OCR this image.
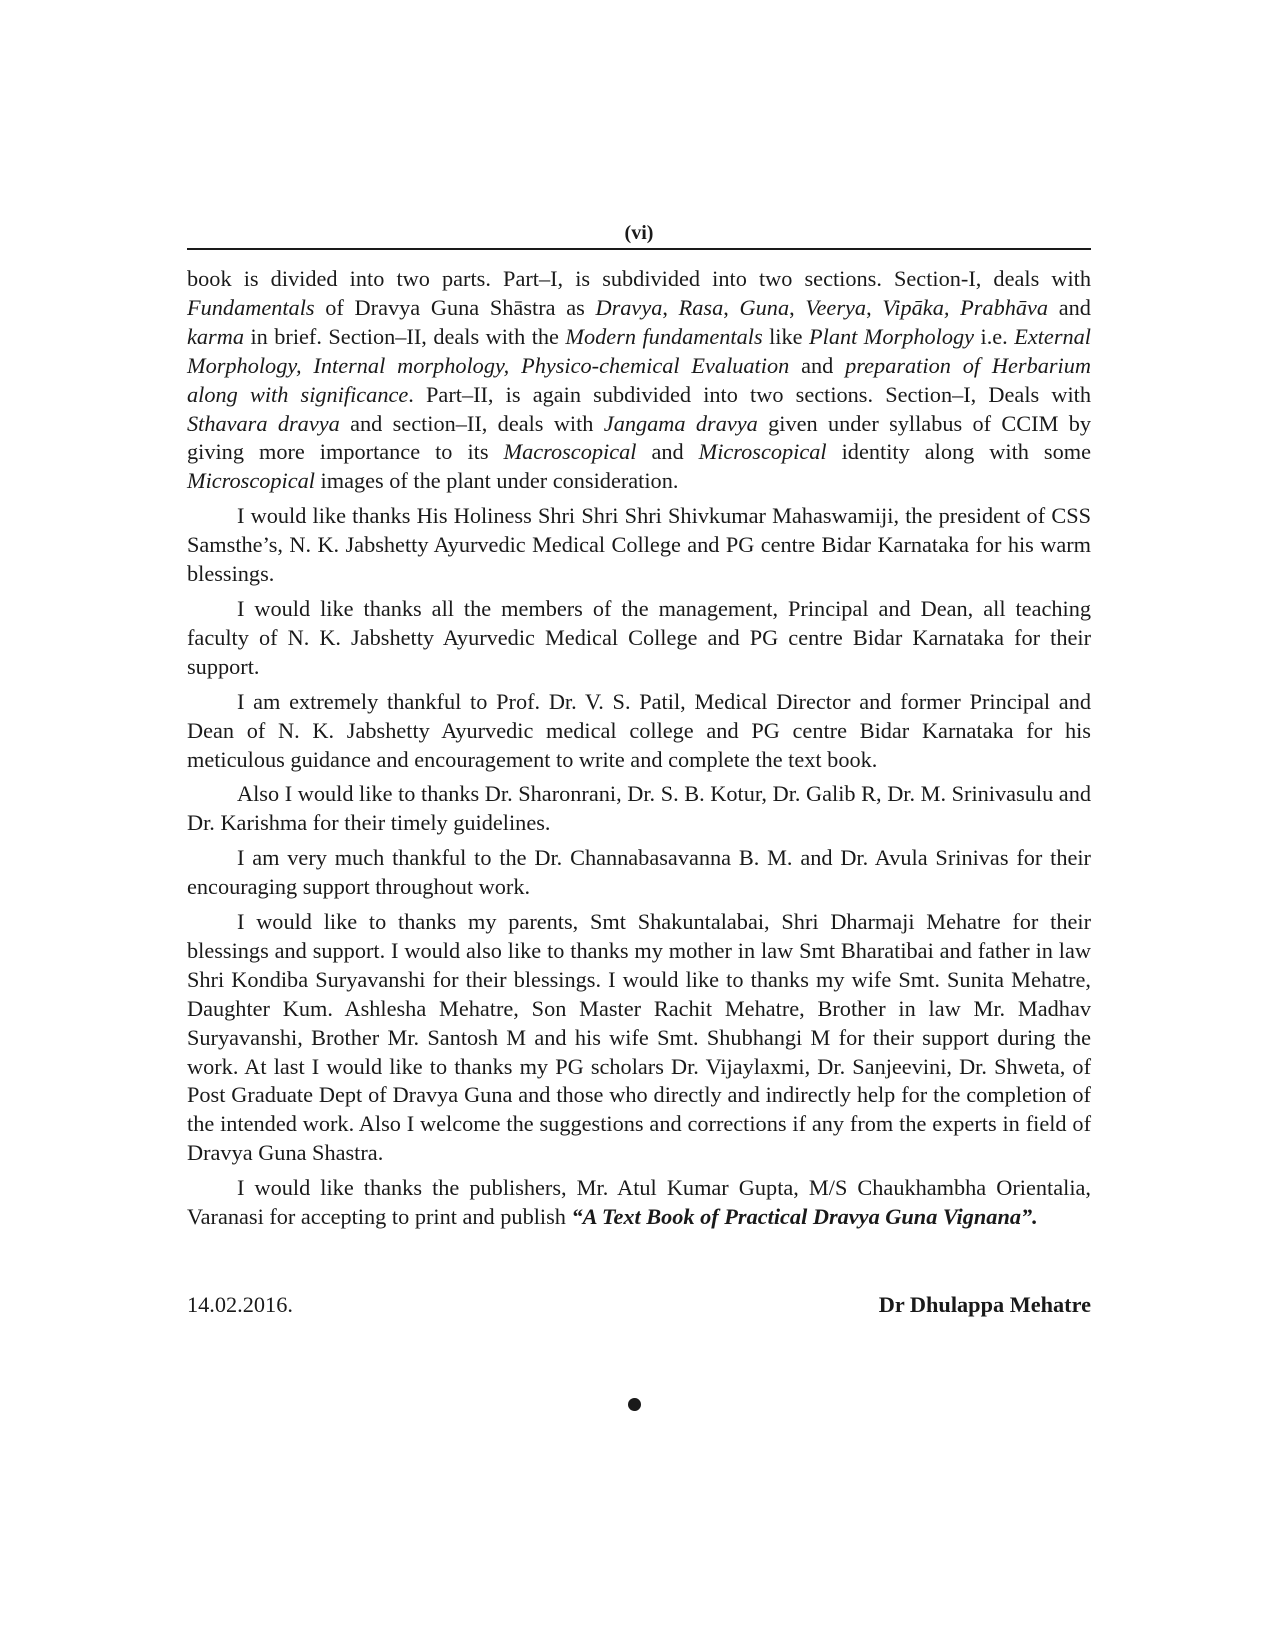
(vi)

book is divided into two parts. Part–I, is subdivided into two sections. Section-I, deals with Fundamentals of Dravya Guna Shāstra as Dravya, Rasa, Guna, Veerya, Vipāka, Prabhāva and karma in brief. Section–II, deals with the Modern fundamentals like Plant Morphology i.e. External Morphology, Internal morphology, Physico-chemical Evaluation and preparation of Herbarium along with significance. Part–II, is again subdivided into two sections. Section–I, Deals with Sthavara dravya and section–II, deals with Jangama dravya given under syllabus of CCIM by giving more importance to its Macroscopical and Microscopical identity along with some Microscopical images of the plant under consideration.

I would like thanks His Holiness Shri Shri Shri Shivkumar Mahaswamiji, the president of CSS Samsthe’s, N. K. Jabshetty Ayurvedic Medical College and PG centre Bidar Karnataka for his warm blessings.

I would like thanks all the members of the management, Principal and Dean, all teaching faculty of N. K. Jabshetty Ayurvedic Medical College and PG centre Bidar Karnataka for their support.

I am extremely thankful to Prof. Dr. V. S. Patil, Medical Director and former Principal and Dean of N. K. Jabshetty Ayurvedic medical college and PG centre Bidar Karnataka for his meticulous guidance and encouragement to write and complete the text book.

Also I would like to thanks Dr. Sharonrani, Dr. S. B. Kotur, Dr. Galib R, Dr. M. Srinivasulu and Dr. Karishma for their timely guidelines.

I am very much thankful to the Dr. Channabasavanna B. M. and Dr. Avula Srinivas for their encouraging support throughout work.

I would like to thanks my parents, Smt Shakuntalabai, Shri Dharmaji Mehatre for their blessings and support. I would also like to thanks my mother in law Smt Bharatibai and father in law Shri Kondiba Suryavanshi for their blessings. I would like to thanks my wife Smt. Sunita Mehatre, Daughter Kum. Ashlesha Mehatre, Son Master Rachit Mehatre, Brother in law Mr. Madhav Suryavanshi, Brother Mr. Santosh M and his wife Smt. Shubhangi M for their support during the work. At last I would like to thanks my PG scholars Dr. Vijaylaxmi, Dr. Sanjeevini, Dr. Shweta, of Post Graduate Dept of Dravya Guna and those who directly and indirectly help for the completion of the intended work. Also I welcome the suggestions and corrections if any from the experts in field of Dravya Guna Shastra.

I would like thanks the publishers, Mr. Atul Kumar Gupta, M/S Chaukhambha Orientalia, Varanasi for accepting to print and publish “A Text Book of Practical Dravya Guna Vignana”.

14.02.2016.	Dr Dhulappa Mehatre
